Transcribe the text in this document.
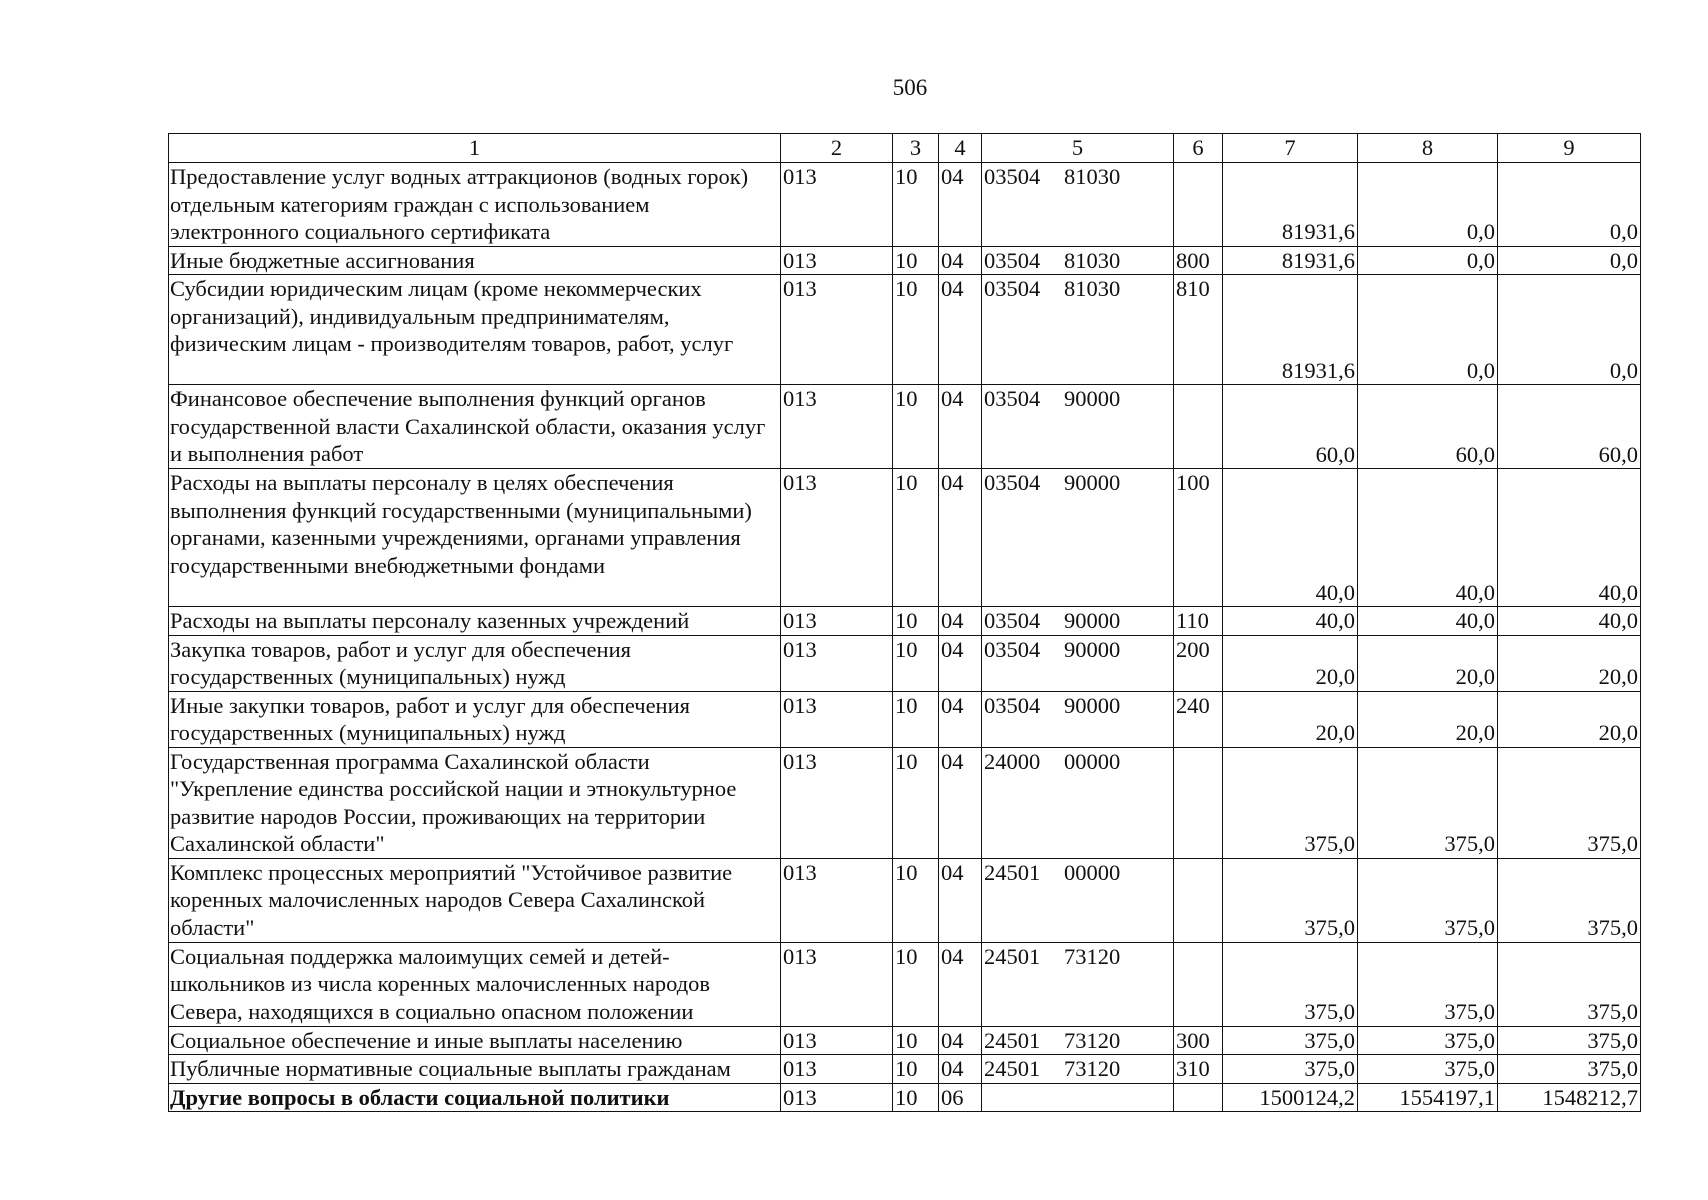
506
1	2	3	4	5	6	7	8	9
Предоставление услуг водных аттракционов (водных горок) отдельным категориям граждан с использованием электронного социального сертификата	013	10	04	03504 81030		81931,6	0,0	0,0
Иные бюджетные ассигнования	013	10	04	03504 81030	800	81931,6	0,0	0,0
Субсидии юридическим лицам (кроме некоммерческих организаций), индивидуальным предпринимателям, физическим лицам - производителям товаров, работ, услуг	013	10	04	03504 81030	810	81931,6	0,0	0,0
Финансовое обеспечение выполнения функций органов государственной власти Сахалинской области, оказания услуг и выполнения работ	013	10	04	03504 90000		60,0	60,0	60,0
Расходы на выплаты персоналу в целях обеспечения выполнения функций государственными (муниципальными) органами, казенными учреждениями, органами управления государственными внебюджетными фондами	013	10	04	03504 90000	100	40,0	40,0	40,0
Расходы на выплаты персоналу казенных учреждений	013	10	04	03504 90000	110	40,0	40,0	40,0
Закупка товаров, работ и услуг для обеспечения государственных (муниципальных) нужд	013	10	04	03504 90000	200	20,0	20,0	20,0
Иные закупки товаров, работ и услуг для обеспечения государственных (муниципальных) нужд	013	10	04	03504 90000	240	20,0	20,0	20,0
Государственная программа Сахалинской области "Укрепление единства российской нации и этнокультурное развитие народов России, проживающих на территории Сахалинской области"	013	10	04	24000 00000		375,0	375,0	375,0
Комплекс процессных мероприятий "Устойчивое развитие коренных малочисленных народов Севера Сахалинской области"	013	10	04	24501 00000		375,0	375,0	375,0
Социальная поддержка малоимущих семей и детей-школьников из числа коренных малочисленных народов Севера, находящихся в социально опасном положении	013	10	04	24501 73120		375,0	375,0	375,0
Социальное обеспечение и иные выплаты населению	013	10	04	24501 73120	300	375,0	375,0	375,0
Публичные нормативные социальные выплаты гражданам	013	10	04	24501 73120	310	375,0	375,0	375,0
Другие вопросы в области социальной политики	013	10	06			1500124,2	1554197,1	1548212,7
